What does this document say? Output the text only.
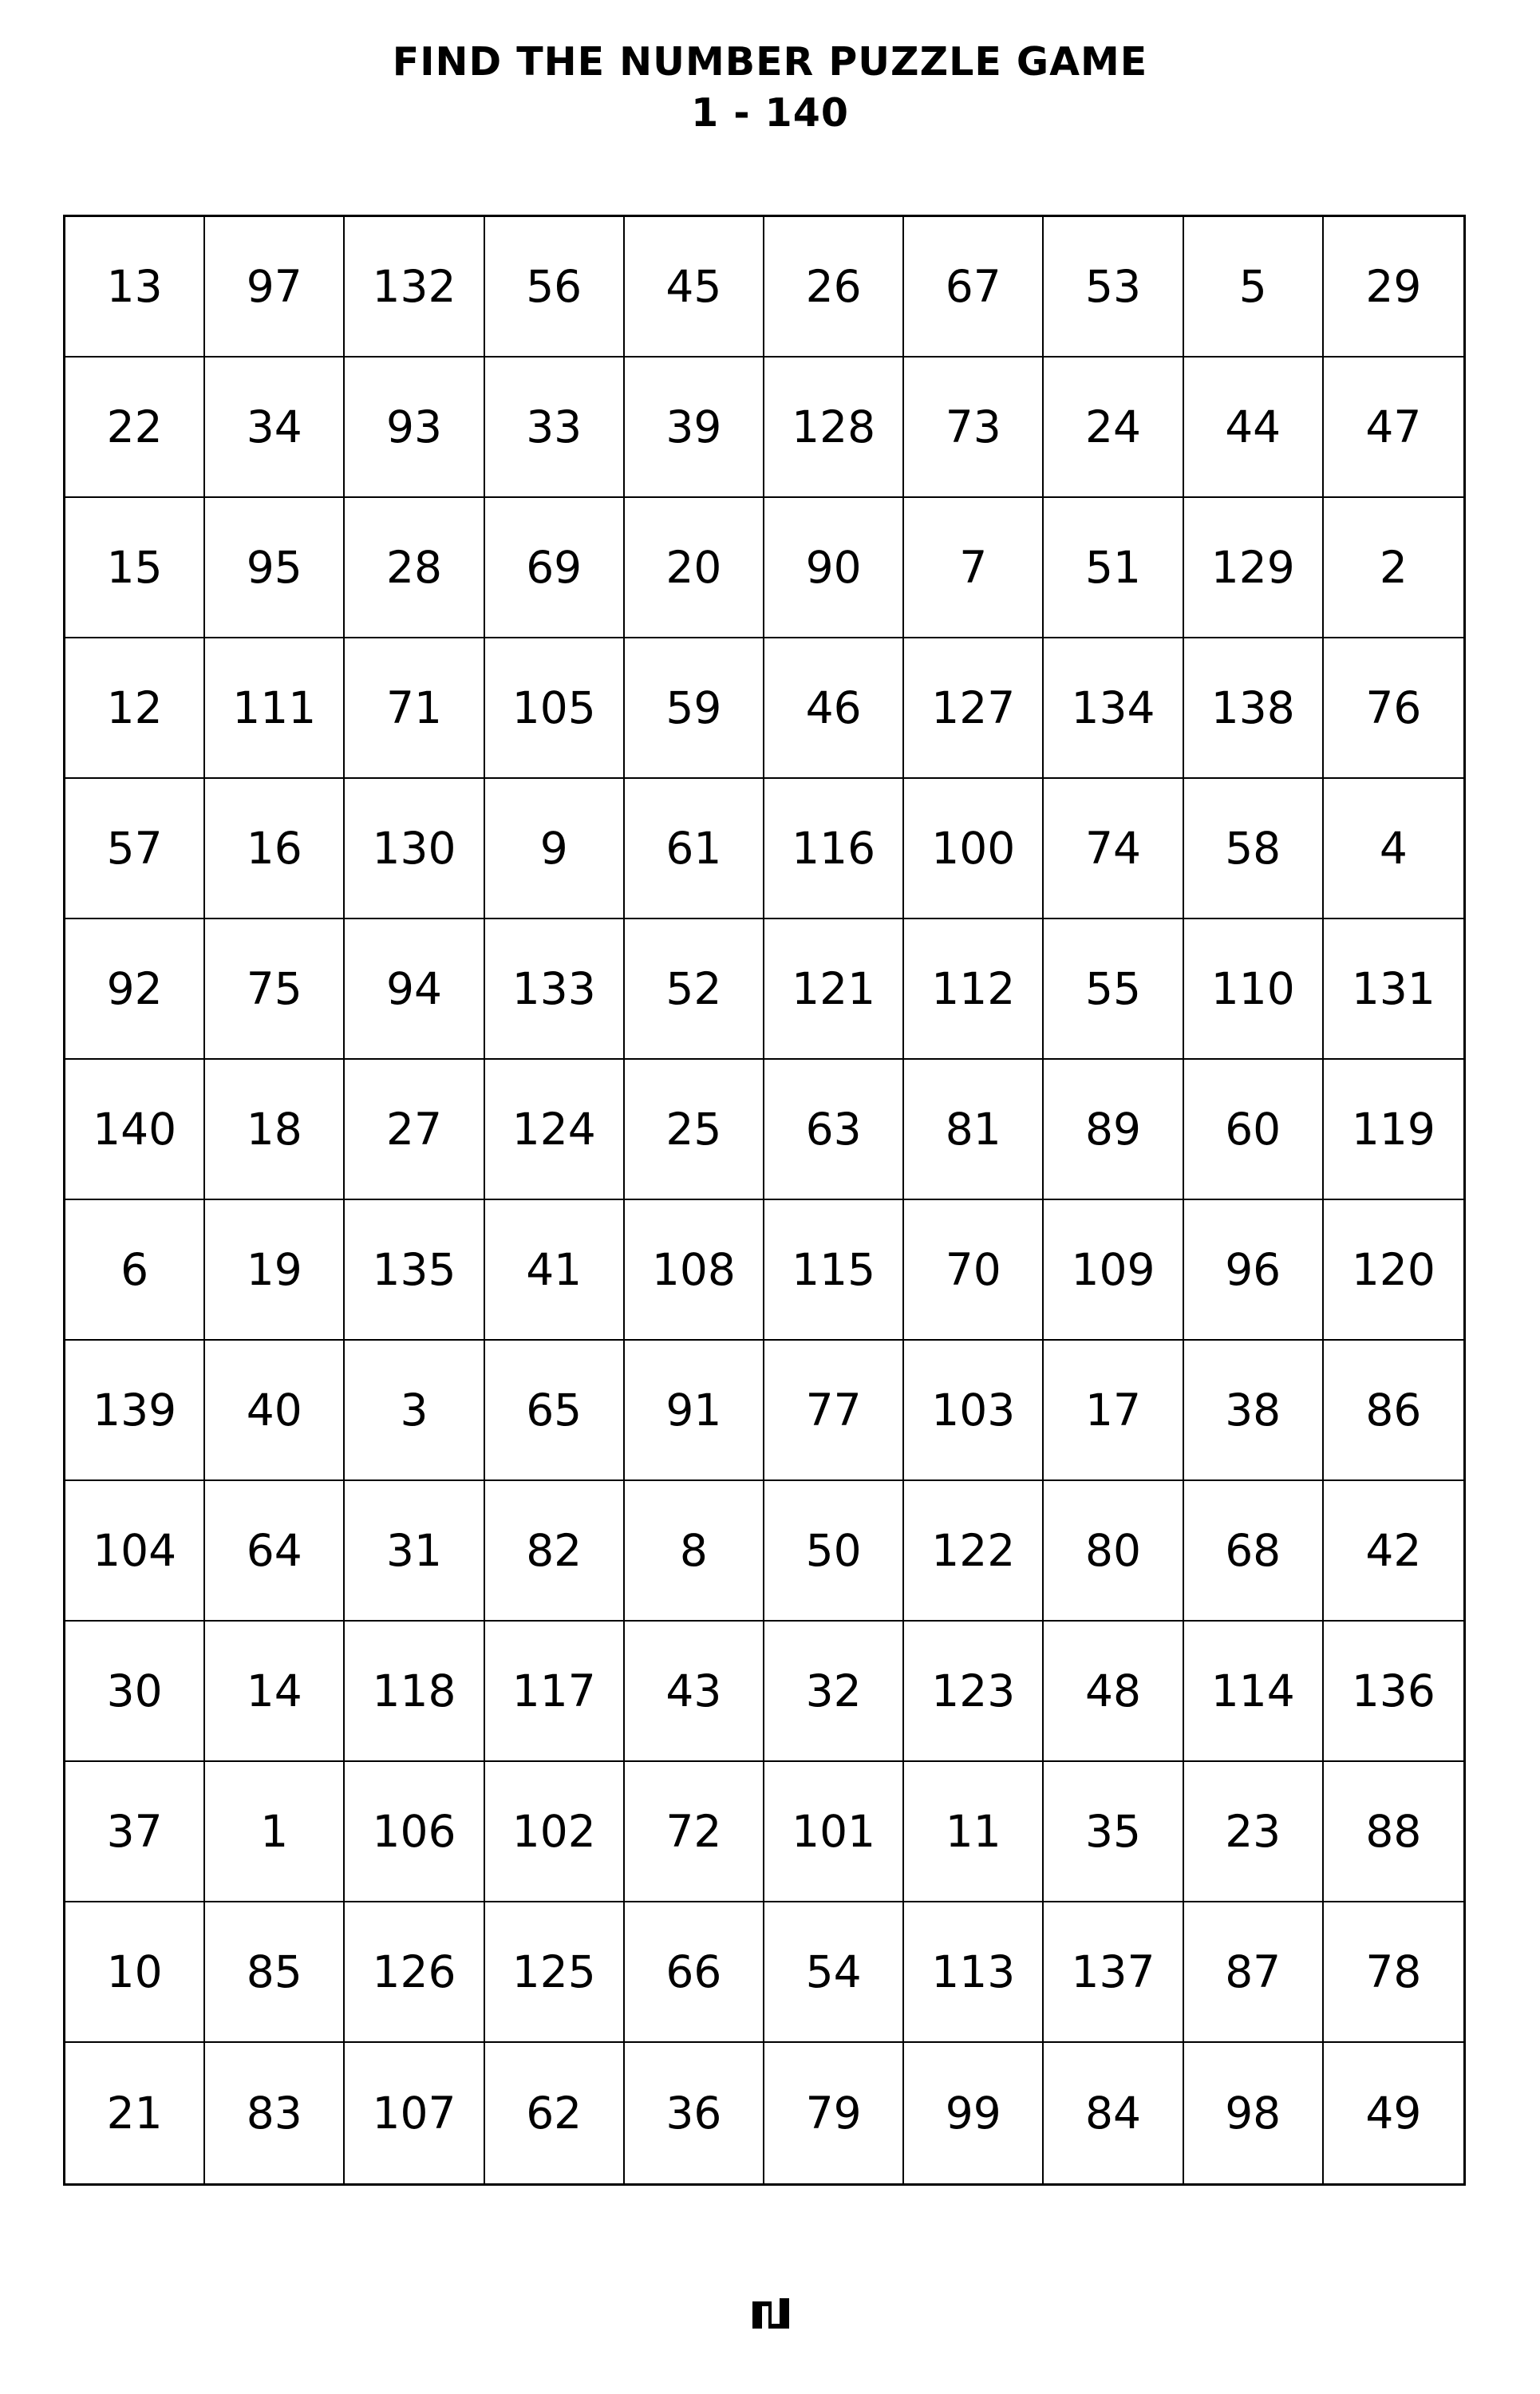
FIND THE NUMBER PUZZLE GAME
1 - 140
13	97	132	56	45	26	67	53	5	29
22	34	93	33	39	128	73	24	44	47
15	95	28	69	20	90	7	51	129	2
12	111	71	105	59	46	127	134	138	76
57	16	130	9	61	116	100	74	58	4
92	75	94	133	52	121	112	55	110	131
140	18	27	124	25	63	81	89	60	119
6	19	135	41	108	115	70	109	96	120
139	40	3	65	91	77	103	17	38	86
104	64	31	82	8	50	122	80	68	42
30	14	118	117	43	32	123	48	114	136
37	1	106	102	72	101	11	35	23	88
10	85	126	125	66	54	113	137	87	78
21	83	107	62	36	79	99	84	98	49
